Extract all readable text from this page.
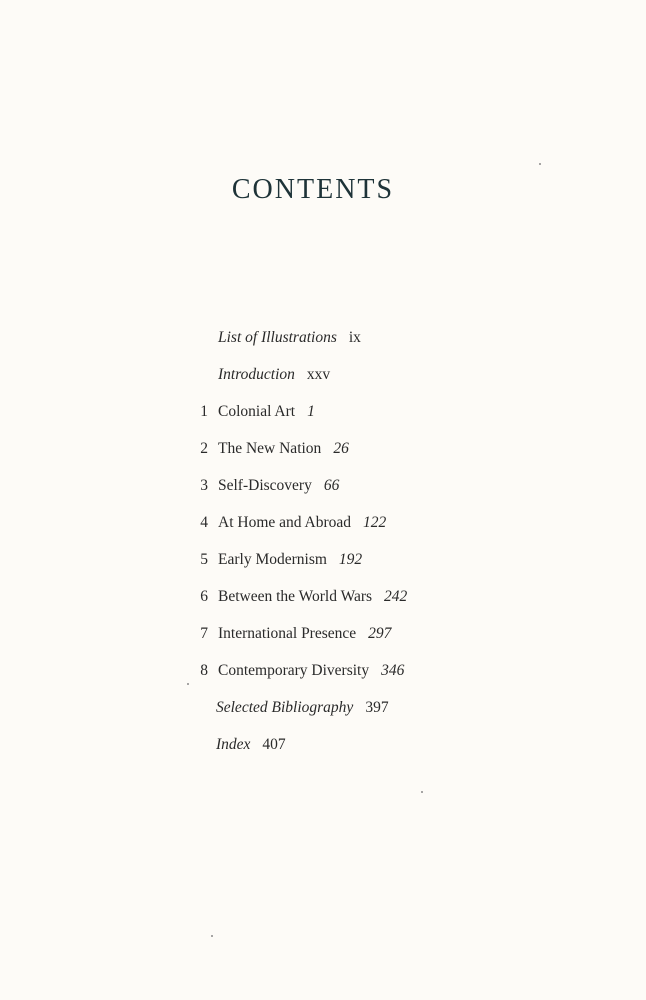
CONTENTS
List of Illustrations ix
Introduction xxv
1 Colonial Art 1
2 The New Nation 26
3 Self-Discovery 66
4 At Home and Abroad 122
5 Early Modernism 192
6 Between the World Wars 242
7 International Presence 297
8 Contemporary Diversity 346
Selected Bibliography 397
Index 407
